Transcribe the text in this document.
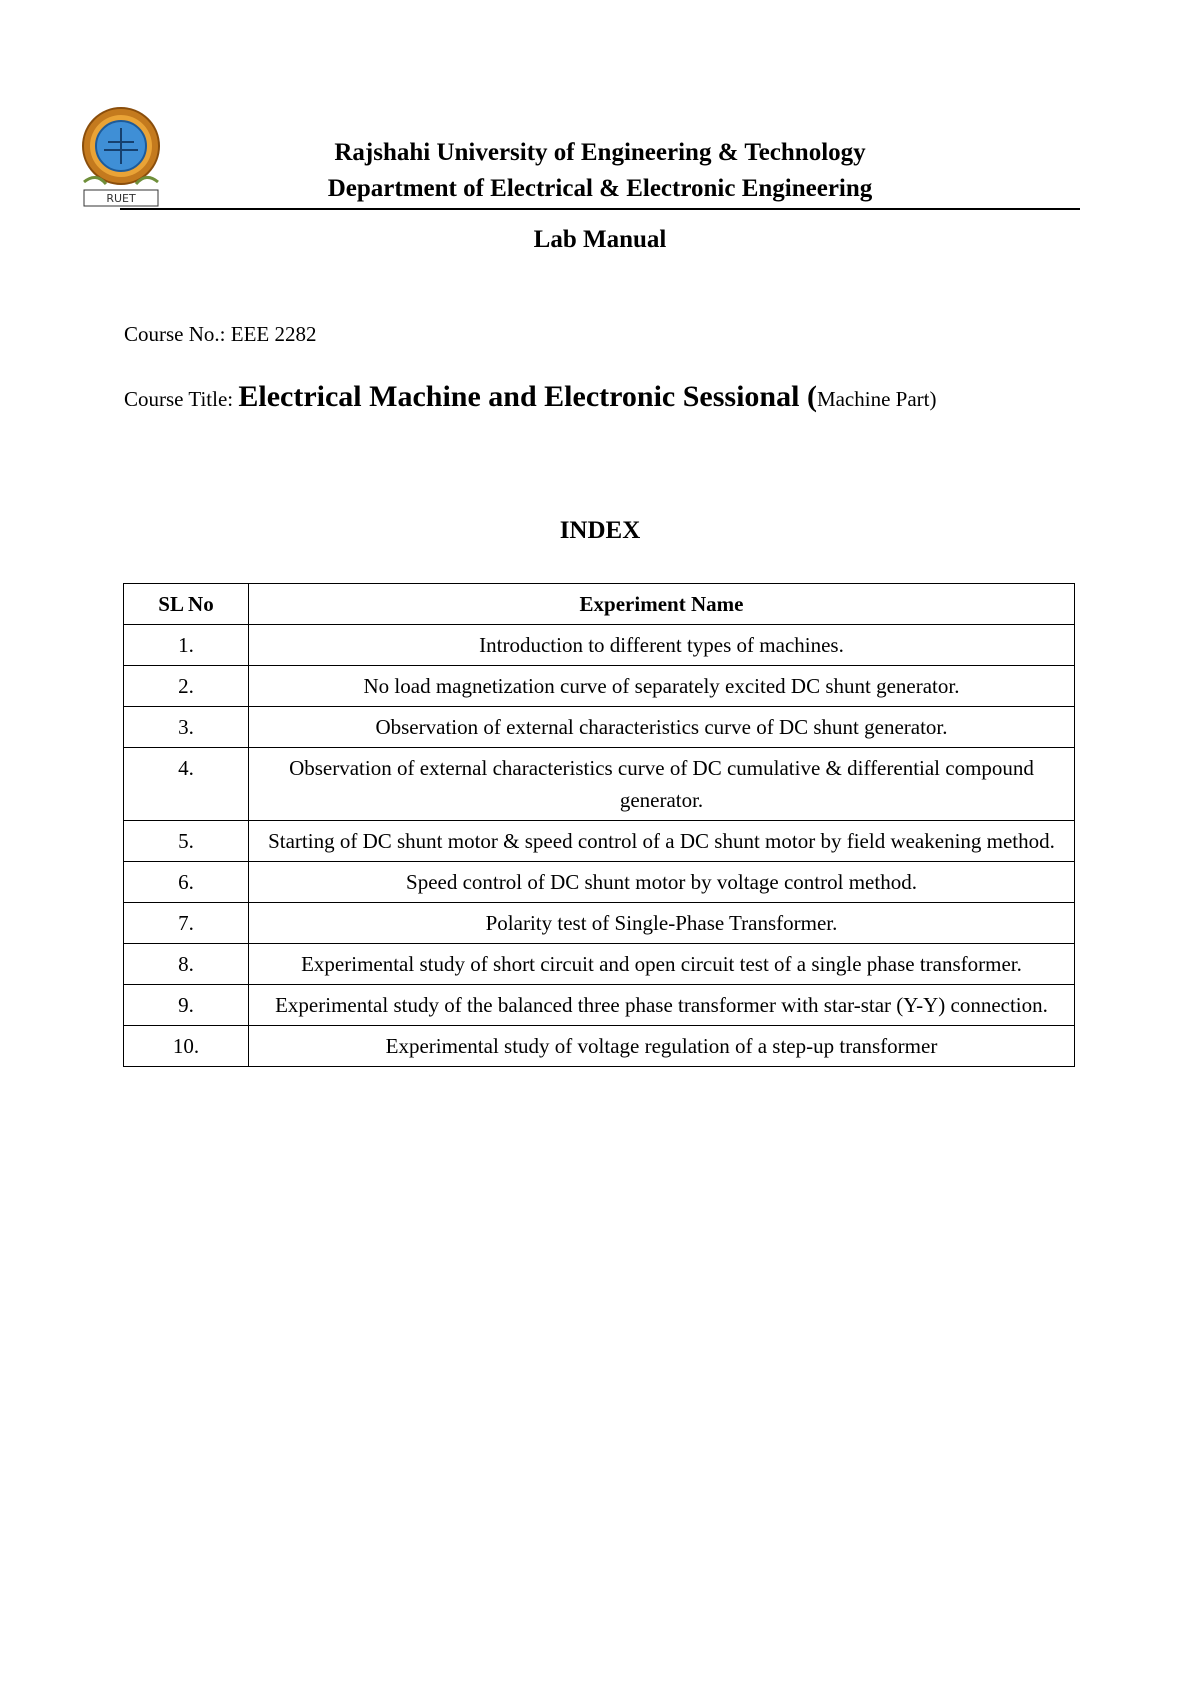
RUET
Rajshahi University of Engineering & Technology
Department of Electrical & Electronic Engineering
Lab Manual
Course No.: EEE 2282
Course Title: Electrical Machine and Electronic Sessional (Machine Part)
INDEX
SL No	Experiment Name
1.	Introduction to different types of machines.
2.	No load magnetization curve of separately excited DC shunt generator.
3.	Observation of external characteristics curve of DC shunt generator.
4.	Observation of external characteristics curve of DC cumulative & differential compound generator.
5.	Starting of DC shunt motor & speed control of a DC shunt motor by field weakening method.
6.	Speed control of DC shunt motor by voltage control method.
7.	Polarity test of Single-Phase Transformer.
8.	Experimental study of short circuit and open circuit test of a single phase transformer.
9.	Experimental study of the balanced three phase transformer with star-star (Y-Y) connection.
10.	Experimental study of voltage regulation of a step-up transformer
